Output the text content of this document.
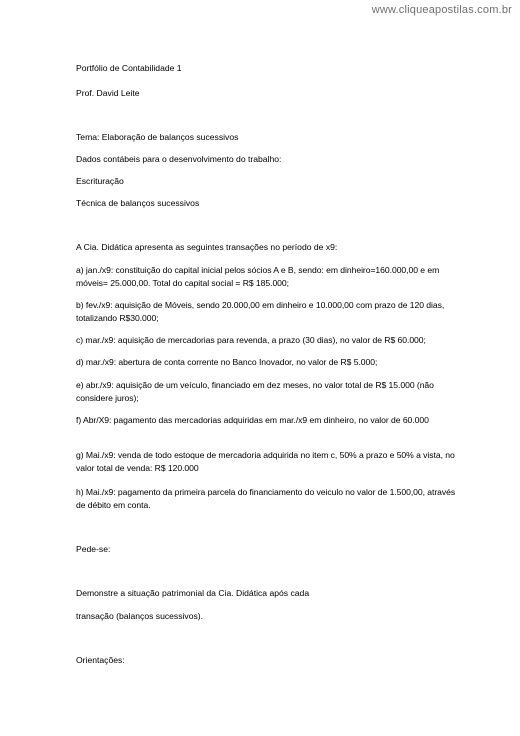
www.cliqueapostilas.com.br

Portfólio de Contabilidade 1

Prof. David Leite

Tema: Elaboração de balanços sucessivos

Dados contábeis para o desenvolvimento do trabalho:

Escrituração

Técnica de balanços sucessivos

A Cia. Didática apresenta as seguintes transações no período de x9:

a) jan./x9: constituição do capital inicial pelos sócios A e B, sendo: em dinheiro=160.000,00 e em móveis= 25.000,00. Total do capital social = R$ 185.000;

b) fev./x9: aquisição de Móveis, sendo 20.000,00 em dinheiro e 10.000,00 com prazo de 120 dias, totalizando R$30.000;

c) mar./x9: aquisição de mercadorias para revenda, a prazo (30 dias), no valor de R$ 60.000;

d) mar./x9: abertura de conta corrente no Banco Inovador, no valor de R$ 5.000;

e) abr./x9: aquisição de um veículo, financiado em dez meses, no valor total de R$ 15.000 (não considere juros);

f) Abr/X9: pagamento das mercadorias adquiridas em mar./x9 em dinheiro, no valor de 60.000

g) Mai./x9: venda de todo estoque de mercadoria adquirida no item c, 50% a prazo e 50% a vista, no valor total de venda: R$ 120.000

h) Mai./x9: pagamento da primeira parcela do financiamento do veiculo no valor de 1.500,00, através de débito em conta.

Pede-se:

Demonstre a situação patrimonial da Cia. Didática após cada

transação (balanços sucessivos).

Orientações:
